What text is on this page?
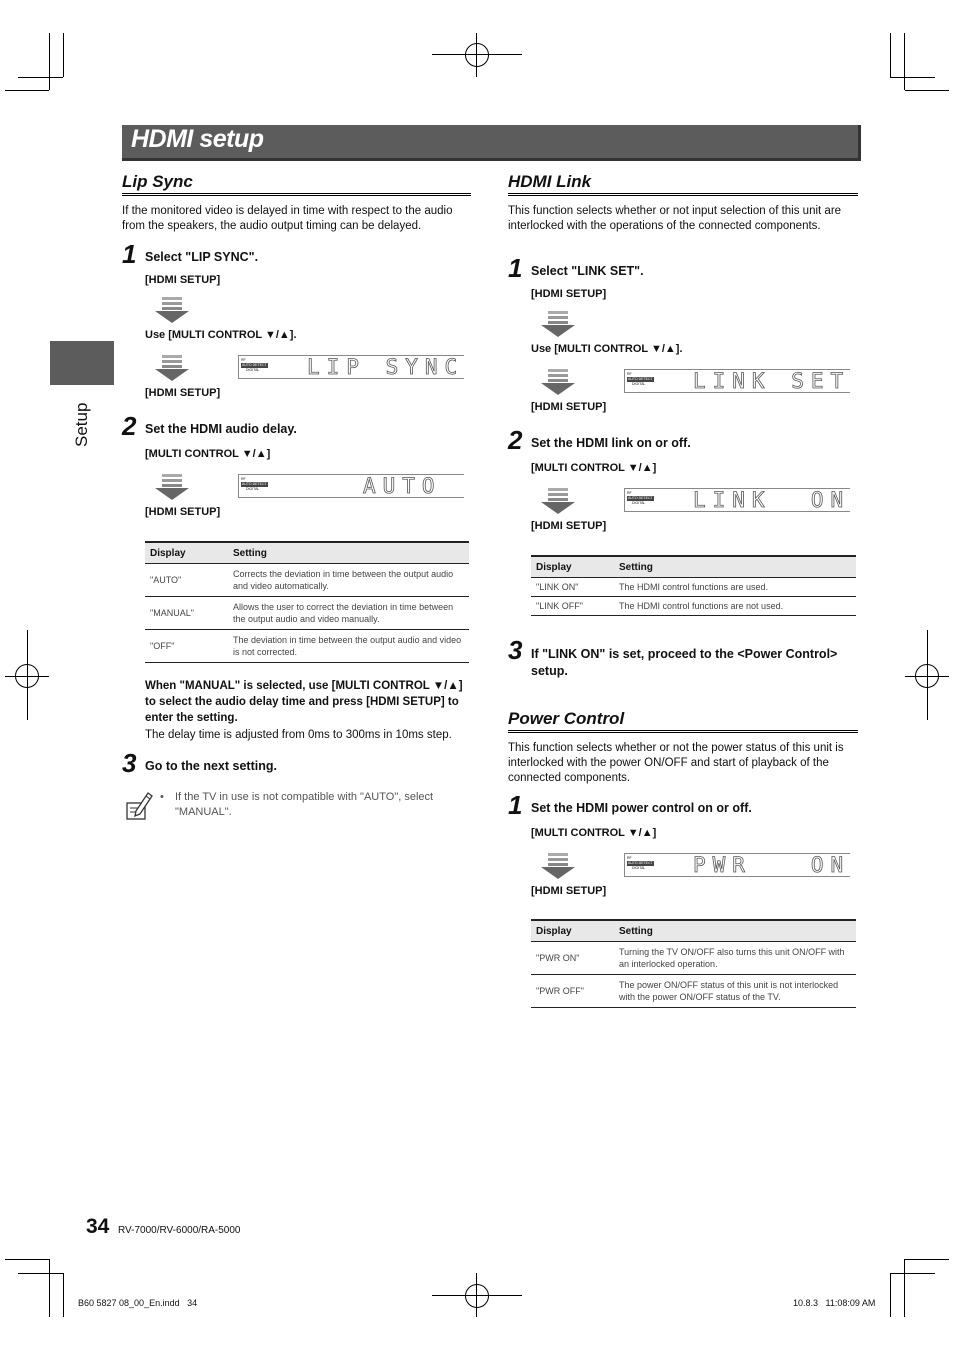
HDMI setup
Setup
Lip Sync
If the monitored video is delayed in time with respect to the audio from the speakers, the audio output timing can be delayed.
1 Select "LIP SYNC".
[HDMI SETUP]
Use [MULTI CONTROL ▼/▲].
RF
AUTO DETECT
DIGITAL	LIP SYNC
[HDMI SETUP]
2 Set the HDMI audio delay.
[MULTI CONTROL ▼/▲]
RF
AUTO DETECT
DIGITAL	AUTO
[HDMI SETUP]
Display	Setting
"AUTO"	Corrects the deviation in time between the output audio and video automatically.
"MANUAL"	Allows the user to correct the deviation in time between the output audio and video manually.
"OFF"	The deviation in time between the output audio and video is not corrected.
When "MANUAL" is selected, use [MULTI CONTROL ▼/▲] to select the audio delay time and press [HDMI SETUP] to enter the setting.
The delay time is adjusted from 0ms to 300ms in 10ms step.
3 Go to the next setting.
• If the TV in use is not compatible with "AUTO", select "MANUAL".
HDMI Link
This function selects whether or not input selection of this unit are interlocked with the operations of the connected components.
1 Select "LINK SET".
[HDMI SETUP]
Use [MULTI CONTROL ▼/▲].
RF
AUTO DETECT
DIGITAL	LINK SET
[HDMI SETUP]
2 Set the HDMI link on or off.
[MULTI CONTROL ▼/▲]
RF
AUTO DETECT
DIGITAL	LINK  ON
[HDMI SETUP]
Display	Setting
"LINK ON"	The HDMI control functions are used.
"LINK OFF"	The HDMI control functions are not used.
3 If "LINK ON" is set, proceed to the <Power Control> setup.
Power Control
This function selects whether or not the power status of this unit is interlocked with the power ON/OFF and start of playback of the connected components.
1 Set the HDMI power control on or off.
[MULTI CONTROL ▼/▲]
RF
AUTO DETECT
DIGITAL	PWR   ON
[HDMI SETUP]
Display	Setting
"PWR ON"	Turning the TV ON/OFF also turns this unit ON/OFF with an interlocked operation.
"PWR OFF"	The power ON/OFF status of this unit is not interlocked with the power ON/OFF status of the TV.
34 RV-7000/RV-6000/RA-5000
B60 5827 08_00_En.indd   34	10.8.3   11:08:09 AM
